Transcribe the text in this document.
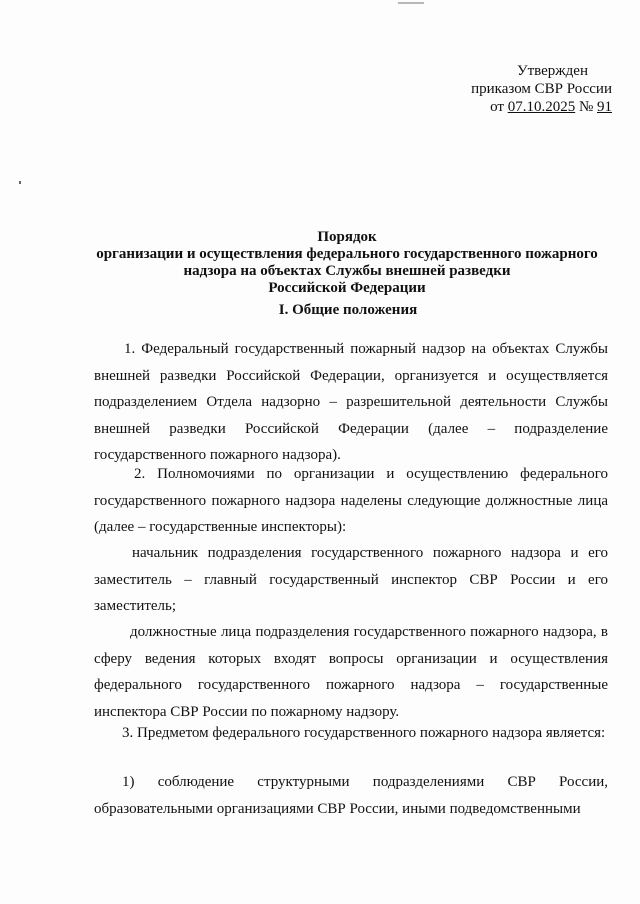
Утвержден
приказом СВР России
от 07.10.2025 № 91
Порядок
организации и осуществления федерального государственного пожарного
надзора на объектах Службы внешней разведки
Российской Федерации
I. Общие положения
1. Федеральный государственный пожарный надзор на объектах Службы внешней разведки Российской Федерации, организуется и осуществляется подразделением Отдела надзорно – разрешительной деятельности Службы внешней разведки Российской Федерации (далее – подразделение государственного пожарного надзора).
2. Полномочиями по организации и осуществлению федерального государственного пожарного надзора наделены следующие должностные лица (далее – государственные инспекторы):
начальник подразделения государственного пожарного надзора и его заместитель – главный государственный инспектор СВР России и его заместитель;
должностные лица подразделения государственного пожарного надзора, в сферу ведения которых входят вопросы организации и осуществления федерального государственного пожарного надзора – государственные инспектора СВР России по пожарному надзору.
3. Предметом федерального государственного пожарного надзора является:
1) соблюдение структурными подразделениями СВР России, образовательными организациями СВР России, иными подведомственными
